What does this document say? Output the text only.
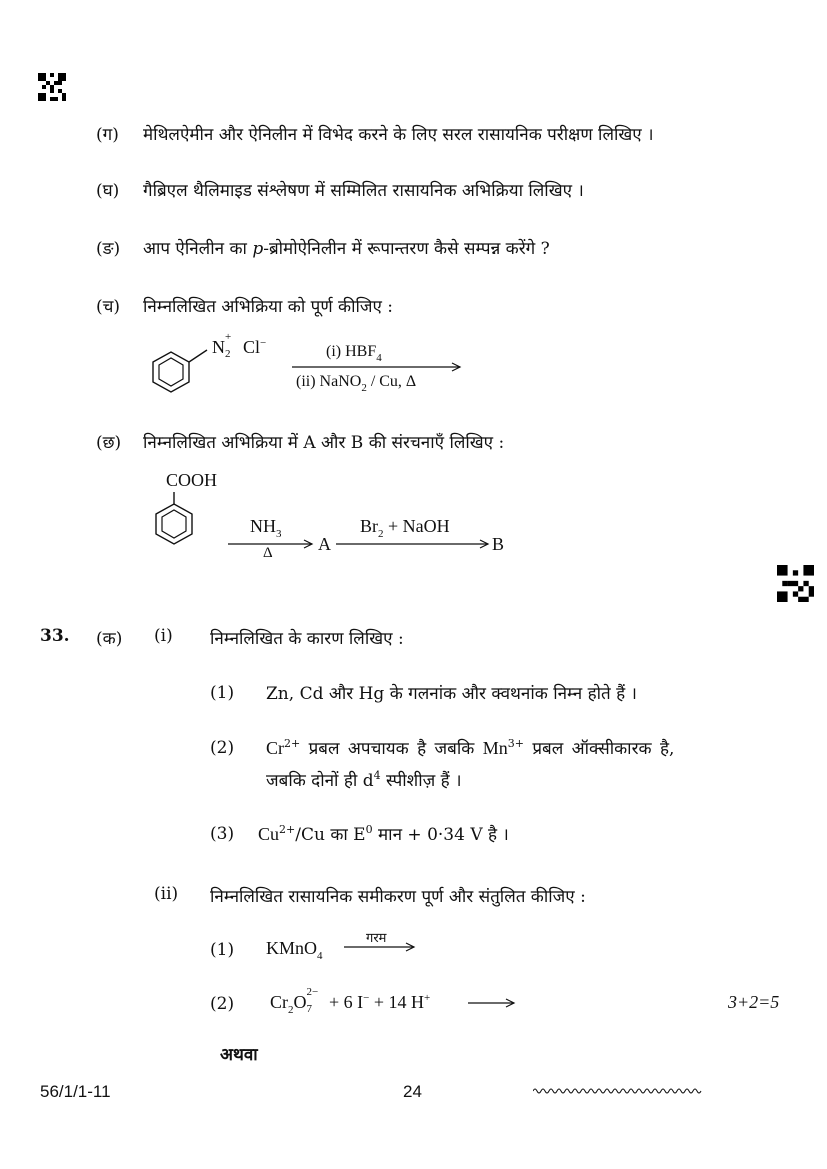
(ग) मेथिलऐमीन और ऐनिलीन में विभेद करने के लिए सरल रासायनिक परीक्षण लिखिए ।
(घ) गैब्रिएल थैलिमाइड संश्लेषण में सम्मिलित रासायनिक अभिक्रिया लिखिए ।
(ङ) आप ऐनिलीन का p-ब्रोमोऐनिलीन में रूपान्तरण कैसे सम्पन्न करेंगे ?
(च) निम्नलिखित अभिक्रिया को पूर्ण कीजिए :
N +
2 Cl−	(i) $HBF_4$
(ii) NaNO$_2$ / Cu, Δ
(छ) निम्नलिखित अभिक्रिया में A और B की संरचनाएँ लिखिए :
COOH
$NH_3$
Δ	A
$Br_2$ + NaOH
B
33. (क) (i) निम्नलिखित के कारण लिखिए :
(1) Zn, Cd और Hg के गलनांक और क्वथनांक निम्न होते हैं ।
(2) $Cr^{2+}$ प्रबल अपचायक है जबकि $Mn^{3+}$ प्रबल ऑक्सीकारक है,
जबकि दोनों ही $d^4$ स्पीशीज़ हैं ।
(3) $Cu^{2+}/Cu$ का $E^0$ मान + 0·34 V है ।
(ii) निम्नलिखित रासायनिक समीकरण पूर्ण और संतुलित कीजिए :
(1) KMnO$_4$
गरम
(2) $Cr_2O$ 2−
7 + 6 I− + 14 H+	3+2=5
अथवा
56/1/1-11	24
